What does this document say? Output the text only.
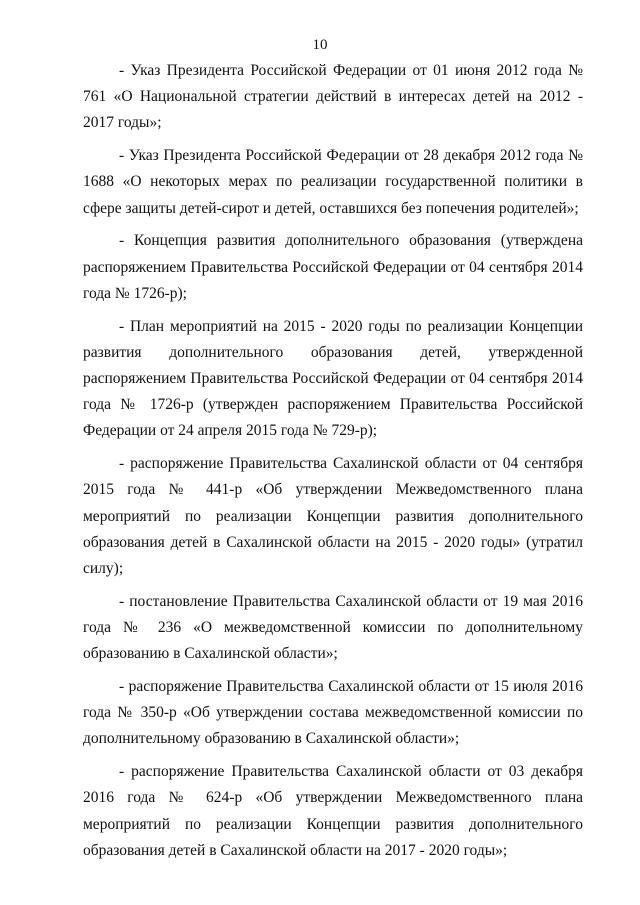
10

- Указ Президента Российской Федерации от 01 июня 2012 года № 761 «О Национальной стратегии действий в интересах детей на 2012 - 2017 годы»;

- Указ Президента Российской Федерации от 28 декабря 2012 года № 1688 «О некоторых мерах по реализации государственной политики в сфере защиты детей-сирот и детей, оставшихся без попечения родителей»;

- Концепция развития дополнительного образования (утверждена распоряжением Правительства Российской Федерации от 04 сентября 2014 года № 1726-р);

- План мероприятий на 2015 - 2020 годы по реализации Концепции развития дополнительного образования детей, утвержденной распоряжением Правительства Российской Федерации от 04 сентября 2014 года № 1726-р (утвержден распоряжением Правительства Российской Федерации от 24 апреля 2015 года № 729-р);

- распоряжение Правительства Сахалинской области от 04 сентября 2015 года № 441-р «Об утверждении Межведомственного плана мероприятий по реализации Концепции развития дополнительного образования детей в Сахалинской области на 2015 - 2020 годы» (утратил силу);

- постановление Правительства Сахалинской области от 19 мая 2016 года № 236 «О межведомственной комиссии по дополнительному образованию в Сахалинской области»;

- распоряжение Правительства Сахалинской области от 15 июля 2016 года № 350-р «Об утверждении состава межведомственной комиссии по дополнительному образованию в Сахалинской области»;

- распоряжение Правительства Сахалинской области от 03 декабря 2016 года № 624-р «Об утверждении Межведомственного плана мероприятий по реализации Концепции развития дополнительного образования детей в Сахалинской области на 2017 - 2020 годы»;
